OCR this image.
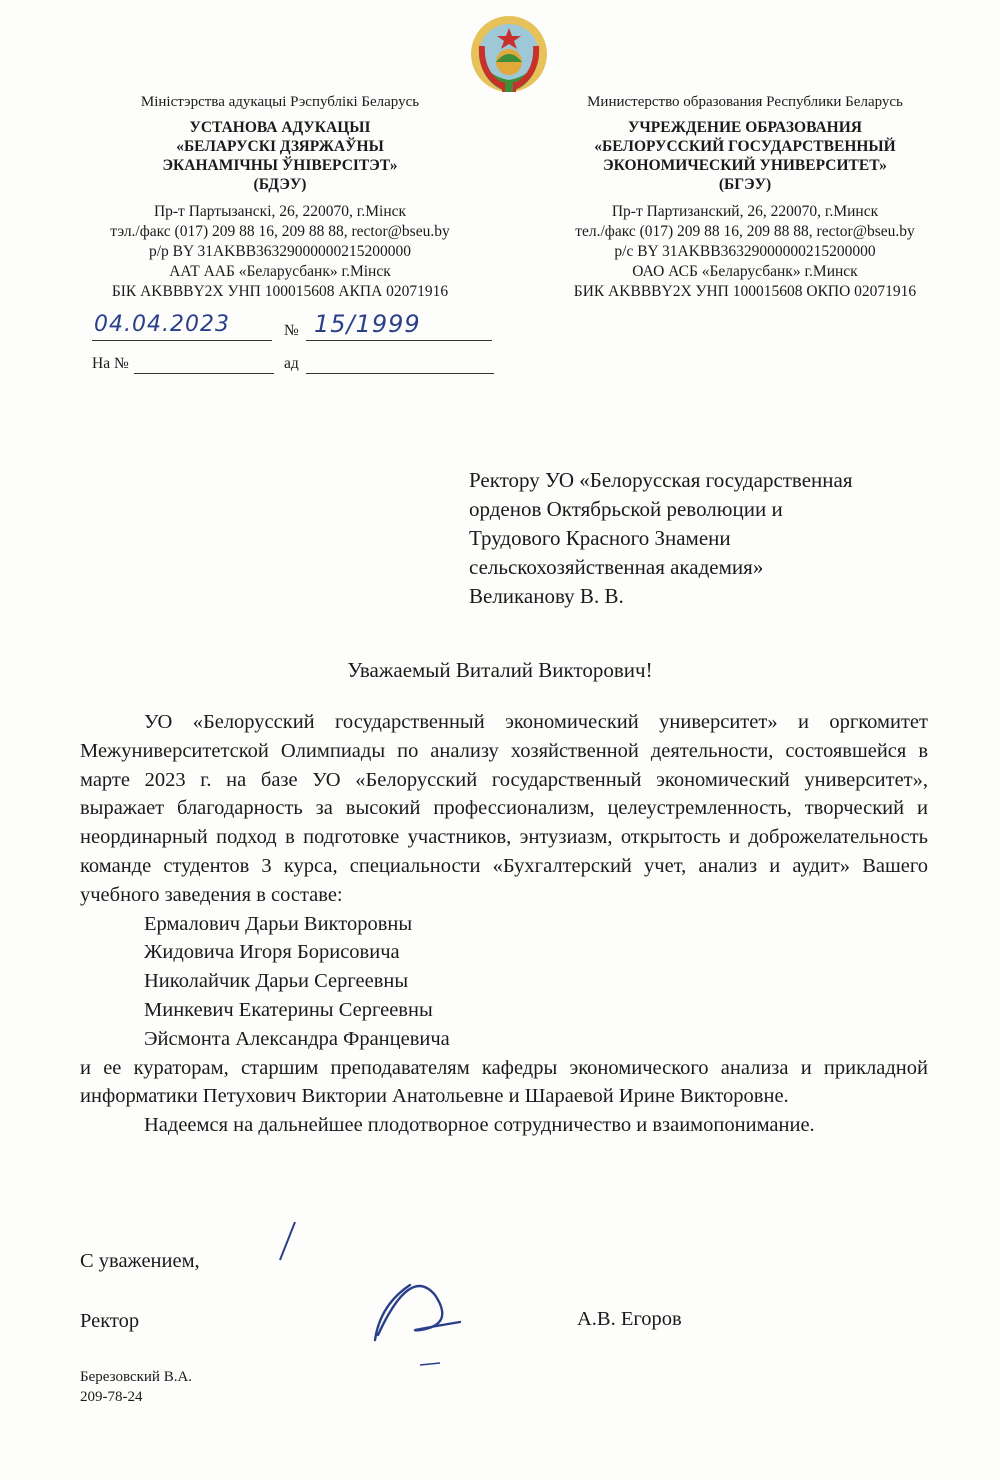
Міністэрства адукацыі Рэспублікі Беларусь
УСТАНОВА АДУКАЦЫІ
«БЕЛАРУСКІ ДЗЯРЖАЎНЫ
ЭКАНАМІЧНЫ ЎНІВЕРСІТЭТ»
(БДЭУ)
Пр-т Партызанскі, 26, 220070, г.Мінск
тэл./факс (017) 209 88 16, 209 88 88, rector@bseu.by
р/р BY 31AKBB36329000000215200000
ААТ ААБ «Беларусбанк» г.Мінск
БІК AKBBBY2X УНП 100015608 АКПА 02071916
Министерство образования Республики Беларусь
УЧРЕЖДЕНИЕ ОБРАЗОВАНИЯ
«БЕЛОРУССКИЙ ГОСУДАРСТВЕННЫЙ
ЭКОНОМИЧЕСКИЙ УНИВЕРСИТЕТ»
(БГЭУ)
Пр-т Партизанский, 26, 220070, г.Минск
тел./факс (017) 209 88 16, 209 88 88, rector@bseu.by
р/с BY 31AKBB36329000000215200000
ОАО АСБ «Беларусбанк» г.Минск
БИК AKBBBY2X УНП 100015608 ОКПО 02071916
04.04.2023	№ 15/1999
На №	ад
Ректору УО «Белорусская государственная
орденов Октябрьской революции и
Трудового Красного Знамени
сельскохозяйственная академия»
Великанову В. В.
Уважаемый Виталий Викторович!
УО «Белорусский государственный экономический университет» и оргкомитет Межуниверситетской Олимпиады по анализу хозяйственной деятельности, состоявшейся в марте 2023 г. на базе УО «Белорусский государственный экономический университет», выражает благодарность за высокий профессионализм, целеустремленность, творческий и неординарный подход в подготовке участников, энтузиазм, открытость и доброжелательность команде студентов 3 курса, специальности «Бухгалтерский учет, анализ и аудит» Вашего учебного заведения в составе:
Ермалович Дарьи Викторовны
Жидовича Игоря Борисовича
Николайчик Дарьи Сергеевны
Минкевич Екатерины Сергеевны
Эйсмонта Александра Францевича
и ее кураторам, старшим преподавателям кафедры экономического анализа и прикладной информатики Петухович Виктории Анатольевне и Шараевой Ирине Викторовне.
Надеемся на дальнейшее плодотворное сотрудничество и взаимопонимание.
С уважением,
Ректор	А.В. Егоров
Березовский В.А.
209-78-24
